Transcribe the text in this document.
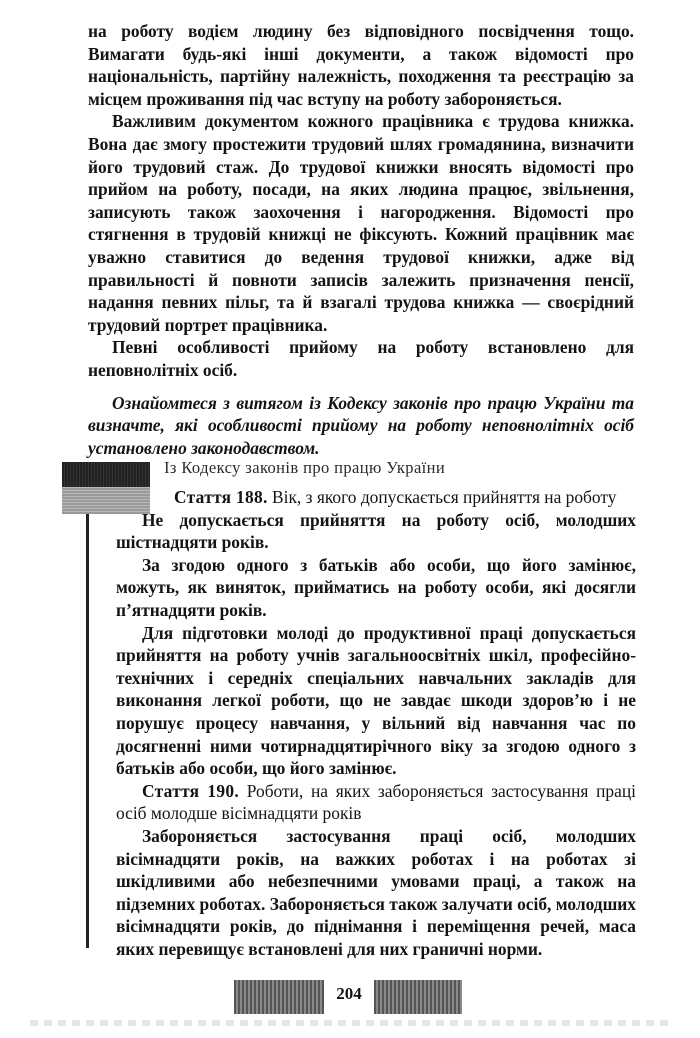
на роботу водієм людину без відповідного посвідчення тощо. Вимагати будь-які інші документи, а також відомості про національність, партійну належність, походження та реєстрацію за місцем проживання під час вступу на роботу забороняється.

Важливим документом кожного працівника є трудова книжка. Вона дає змогу простежити трудовий шлях громадянина, визначити його трудовий стаж. До трудової книжки вносять відомості про прийом на роботу, посади, на яких людина працює, звільнення, записують також заохочення і нагородження. Відомості про стягнення в трудовій книжці не фіксують. Кожний працівник має уважно ставитися до ведення трудової книжки, адже від правильності й повноти записів залежить призначення пенсії, надання певних пільг, та й взагалі трудова книжка — своєрідний трудовий портрет працівника.

Певні особливості прийому на роботу встановлено для неповнолітніх осіб.

Ознайомтеся з витягом із Кодексу законів про працю України та визначте, які особливості прийому на роботу неповнолітніх осіб установлено законодавством.

Із Кодексу законів про працю України

Стаття 188. Вік, з якого допускається прийняття на роботу

Не допускається прийняття на роботу осіб, молодших шістнадцяти років.

За згодою одного з батьків або особи, що його замінює, можуть, як виняток, прийматись на роботу особи, які досягли п’ятнадцяти років.

Для підготовки молоді до продуктивної праці допускається прийняття на роботу учнів загальноосвітніх шкіл, професійно-технічних і середніх спеціальних навчальних закладів для виконання легкої роботи, що не завдає шкоди здоров’ю і не порушує процесу навчання, у вільний від навчання час по досягненні ними чотирнадцятирічного віку за згодою одного з батьків або особи, що його замінює.

Стаття 190. Роботи, на яких забороняється застосування праці осіб молодше вісімнадцяти років

Забороняється застосування праці осіб, молодших вісімнадцяти років, на важких роботах і на роботах зі шкідливими або небезпечними умовами праці, а також на підземних роботах. Забороняється також залучати осіб, молодших вісімнадцяти років, до піднімання і переміщення речей, маса яких перевищує встановлені для них граничні норми.

204
